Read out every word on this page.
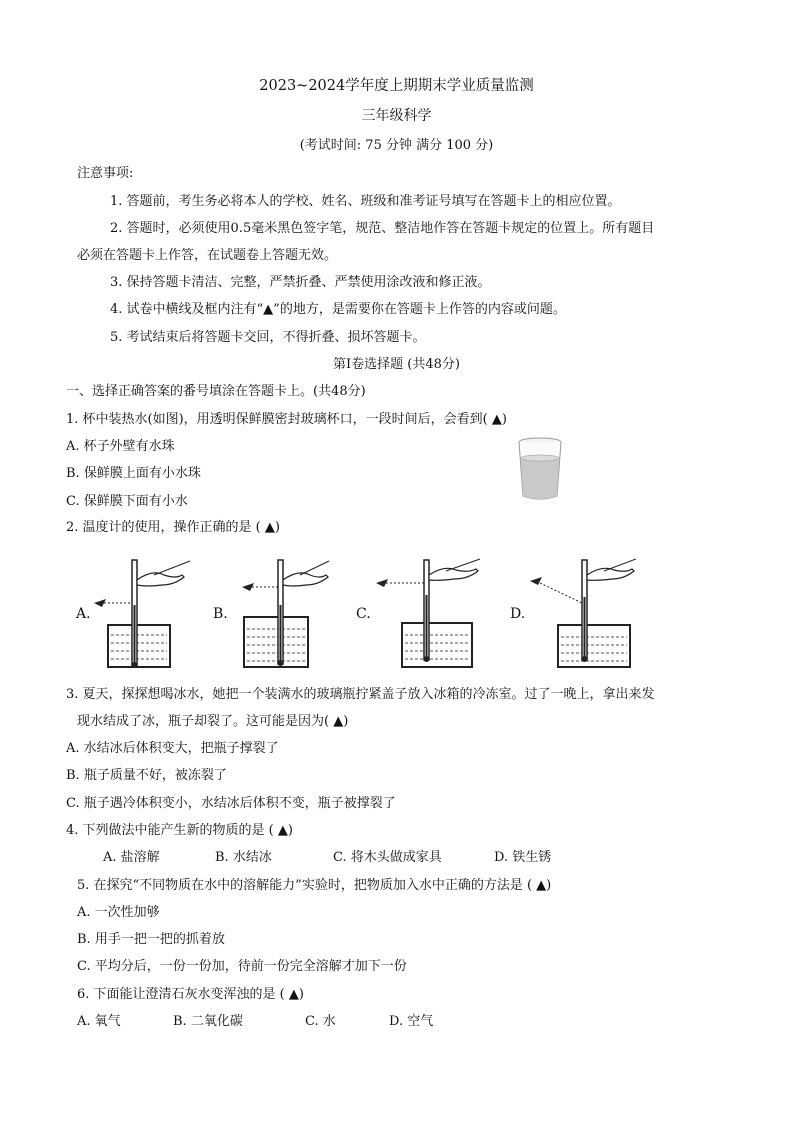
2023~2024学年度上期期末学业质量监测
三年级科学
(考试时间: 75 分钟 满分 100 分)
注意事项:
1. 答题前，考生务必将本人的学校、姓名、班级和准考证号填写在答题卡上的相应位置。
2. 答题时，必须使用0.5毫米黑色签字笔，规范、整洁地作答在答题卡规定的位置上。所有题目
必须在答题卡上作答，在试题卷上答题无效。
3. 保持答题卡清洁、完整，严禁折叠、严禁使用涂改液和修正液。
4. 试卷中横线及框内注有“▲”的地方，是需要你在答题卡上作答的内容或问题。
5. 考试结束后将答题卡交回，不得折叠、损坏答题卡。
第Ⅰ卷选择题 (共48分)
一、选择正确答案的番号填涂在答题卡上。(共48分)
1. 杯中装热水(如图)，用透明保鲜膜密封玻璃杯口，一段时间后，会看到( ▲)
A. 杯子外壁有水珠
B. 保鲜膜上面有小水珠
C. 保鲜膜下面有小水
2. 温度计的使用，操作正确的是 ( ▲)
A.	B.	C.	D.
3. 夏天，探探想喝冰水，她把一个装满水的玻璃瓶拧紧盖子放入冰箱的冷冻室。过了一晚上，拿出来发
现水结成了冰，瓶子却裂了。这可能是因为( ▲)
A. 水结冰后体积变大，把瓶子撑裂了
B. 瓶子质量不好，被冻裂了
C. 瓶子遇冷体积变小，水结冰后体积不变，瓶子被撑裂了
4. 下列做法中能产生新的物质的是 ( ▲)
A. 盐溶解	B. 水结冰	C. 将木头做成家具	D. 铁生锈
5. 在探究“不同物质在水中的溶解能力”实验时，把物质加入水中正确的方法是 ( ▲)
A. 一次性加够
B. 用手一把一把的抓着放
C. 平均分后，一份一份加，待前一份完全溶解才加下一份
6. 下面能让澄清石灰水变浑浊的是 ( ▲)
A. 氧气	B. 二氧化碳	C. 水	D. 空气
